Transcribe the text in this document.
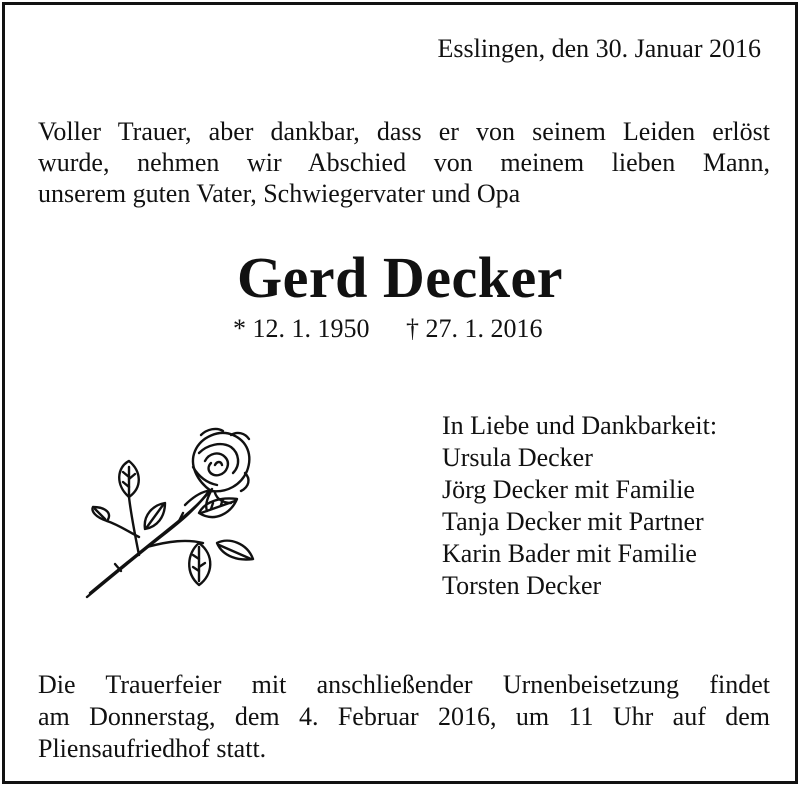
Esslingen, den 30. Januar 2016
Voller Trauer, aber dankbar, dass er von seinem Leiden erlöst
wurde, nehmen wir Abschied von meinem lieben Mann,
unserem guten Vater, Schwiegervater und Opa
Gerd Decker
* 12. 1. 1950 † 27. 1. 2016
In Liebe und Dankbarkeit:
Ursula Decker
Jörg Decker mit Familie
Tanja Decker mit Partner
Karin Bader mit Familie
Torsten Decker
Die Trauerfeier mit anschließender Urnenbeisetzung findet
am Donnerstag, dem 4. Februar 2016, um 11 Uhr auf dem
Pliensaufriedhof statt.
